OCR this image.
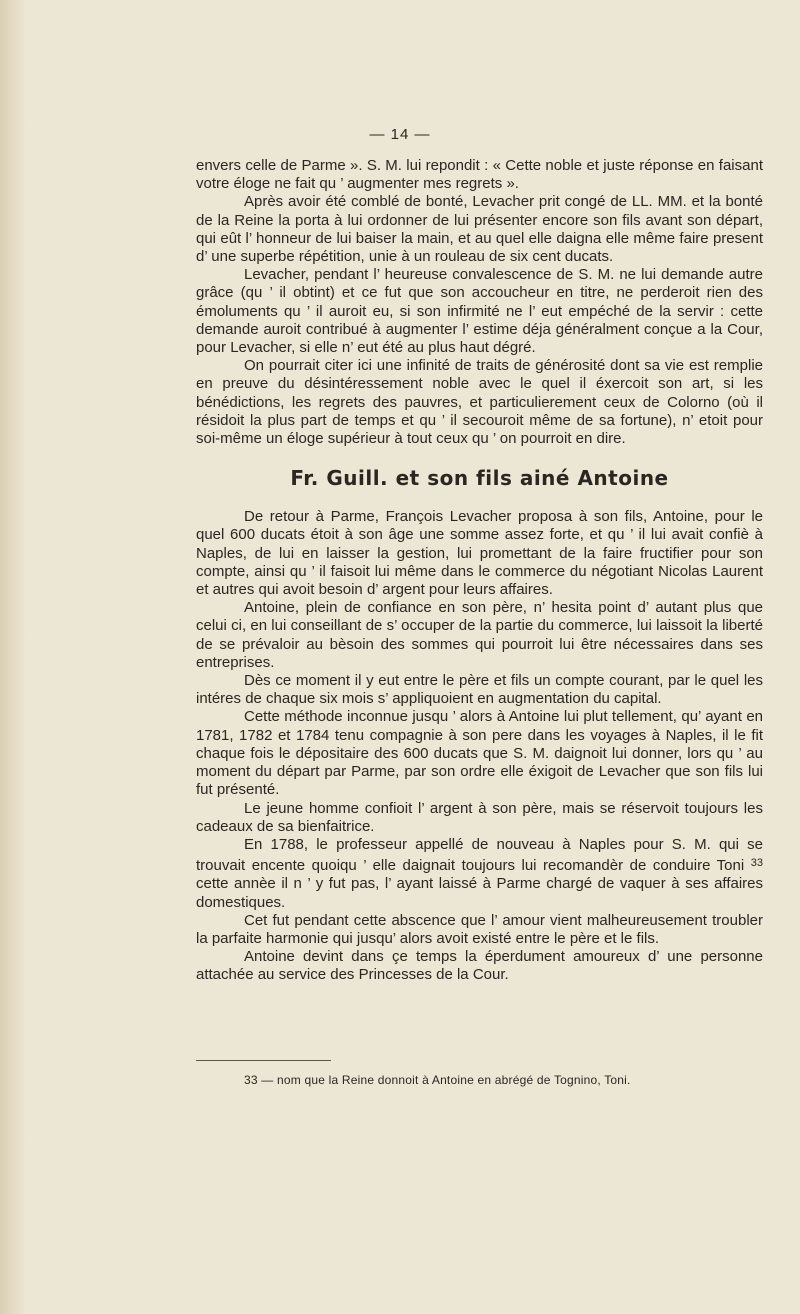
— 14 —

envers celle de Parme ». S. M. lui repondit : « Cette noble et juste réponse en faisant votre éloge ne fait qu ’ augmenter mes regrets ».

Après avoir été comblé de bonté, Levacher prit congé de LL. MM. et la bonté de la Reine la porta à lui ordonner de lui présenter encore son fils avant son départ, qui eût l’ honneur de lui baiser la main, et au quel elle daigna elle même faire present d’ une superbe répétition, unie à un rouleau de six cent ducats.

Levacher, pendant l’ heureuse convalescence de S. M. ne lui demande autre grâce (qu ’ il obtint) et ce fut que son accoucheur en titre, ne perderoit rien des émoluments qu ’ il auroit eu, si son infirmité ne l’ eut empéché de la servir : cette demande auroit contribué à augmenter l’ estime déja généralment conçue a la Cour, pour Levacher, si elle n’ eut été au plus haut dégré.

On pourrait citer ici une infinité de traits de générosité dont sa vie est remplie en preuve du désintéressement noble avec le quel il éxercoit son art, si les bénédictions, les regrets des pauvres, et particulierement ceux de Colorno (où il résidoit la plus part de temps et qu ’ il secouroit même de sa fortune), n’ etoit pour soi-même un éloge supérieur à tout ceux qu ’ on pourroit en dire.

Fr. Guill. et son fils ainé Antoine

De retour à Parme, François Levacher proposa à son fils, Antoine, pour le quel 600 ducats étoit à son âge une somme assez forte, et qu ’ il lui avait confiè à Naples, de lui en laisser la gestion, lui promettant de la faire fructifier pour son compte, ainsi qu ’ il faisoit lui même dans le commerce du négotiant Nicolas Laurent et autres qui avoit besoin d’ argent pour leurs affaires.

Antoine, plein de confiance en son père, n’ hesita point d’ autant plus que celui ci, en lui conseillant de s’ occuper de la partie du commerce, lui laissoit la liberté de se prévaloir au bèsoin des sommes qui pourroit lui être nécessaires dans ses entreprises.

Dès ce moment il y eut entre le père et fils un compte courant, par le quel les intéres de chaque six mois s’ appliquoient en augmentation du capital.

Cette méthode inconnue jusqu ’ alors à Antoine lui plut tellement, qu’ ayant en 1781, 1782 et 1784 tenu compagnie à son pere dans les voyages à Naples, il le fit chaque fois le dépositaire des 600 ducats que S. M. daignoit lui donner, lors qu ’ au moment du départ par Parme, par son ordre elle éxigoit de Levacher que son fils lui fut présenté.

Le jeune homme confioit l’ argent à son père, mais se réservoit toujours les cadeaux de sa bienfaitrice.

En 1788, le professeur appellé de nouveau à Naples pour S. M. qui se trouvait encente quoiqu ’ elle daignait toujours lui recomandèr de conduire Toni $^{33}$ cette annèe il n ’ y fut pas, l’ ayant laissé à Parme chargé de vaquer à ses affaires domestiques.

Cet fut pendant cette abscence que l’ amour vient malheureusement troubler la parfaite harmonie qui jusqu’ alors avoit existé entre le père et le fils.

Antoine devint dans çe temps la éperdument amoureux d’ une personne attachée au service des Princesses de la Cour.

33 — nom que la Reine donnoit à Antoine en abrégé de Tognino, Toni.
